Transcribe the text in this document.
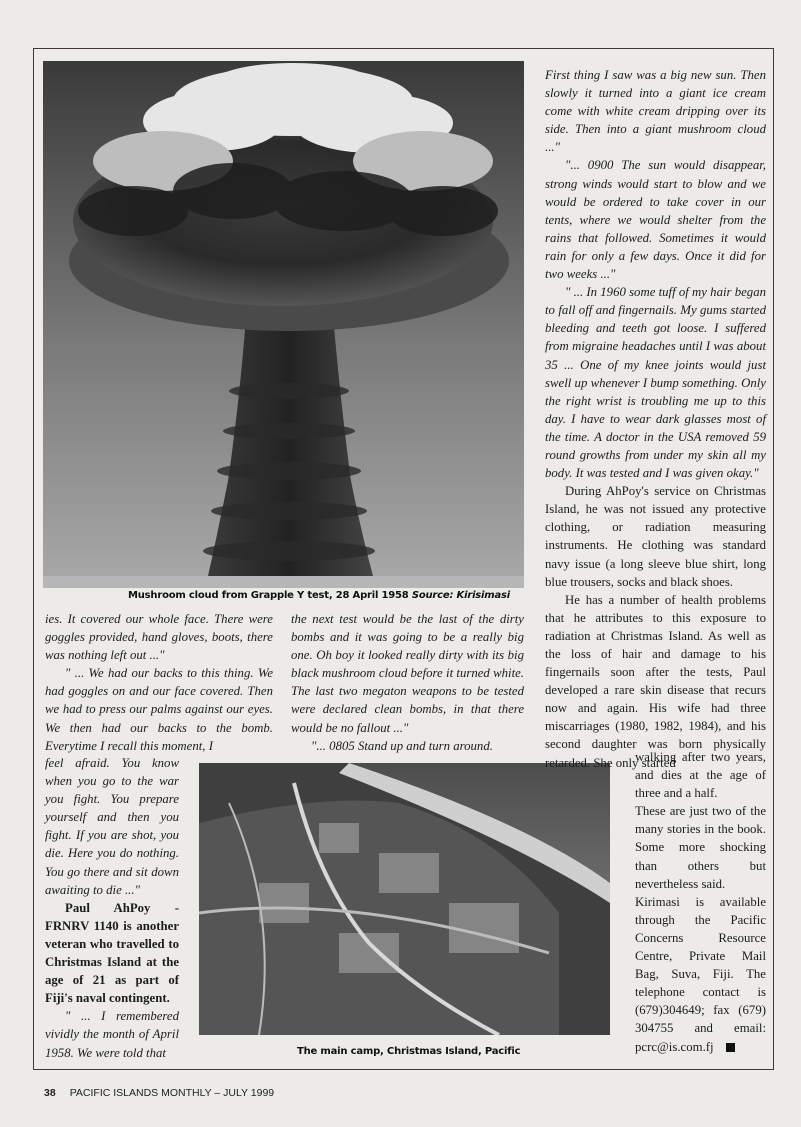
Mushroom cloud from Grapple Y test, 28 April 1958 Source: Kirisimasi
The main camp, Christmas Island, Pacific

ies. It covered our whole face. There were goggles provided, hand gloves, boots, there was nothing left out ..."

" ... We had our backs to this thing. We had goggles on and our face covered. Then we had to press our palms against our eyes. We then had our backs to the bomb. Everytime I recall this moment, I

feel afraid. You know when you go to the war you fight. You prepare yourself and then you fight. If you are shot, you die. Here you do nothing. You go there and sit down awaiting to die ..."

Paul AhPoy - FRNRV 1140 is another veteran who travelled to Christmas Island at the age of 21 as part of Fiji's naval contingent.

" ... I remembered vividly the month of April 1958. We were told that

the next test would be the last of the dirty bombs and it was going to be a really big one. Oh boy it looked really dirty with its big black mushroom cloud before it turned white. The last two megaton weapons to be tested were declared clean bombs, in that there would be no fallout ..."

"... 0805 Stand up and turn around.

First thing I saw was a big new sun. Then slowly it turned into a giant ice cream come with white cream dripping over its side. Then into a giant mushroom cloud ..."

"... 0900 The sun would disappear, strong winds would start to blow and we would be ordered to take cover in our tents, where we would shelter from the rains that followed. Sometimes it would rain for only a few days. Once it did for two weeks ..."

" ... In 1960 some tuff of my hair began to fall off and fingernails. My gums started bleeding and teeth got loose. I suffered from migraine headaches until I was about 35 ... One of my knee joints would just swell up whenever I bump something. Only the right wrist is troubling me up to this day. I have to wear dark glasses most of the time. A doctor in the USA removed 59 round growths from under my skin all my body. It was tested and I was given okay."

During AhPoy's service on Christmas Island, he was not issued any protective clothing, or radiation measuring instruments. He clothing was standard navy issue (a long sleeve blue shirt, long blue trousers, socks and black shoes.

He has a number of health problems that he attributes to this exposure to radiation at Christmas Island. As well as the loss of hair and damage to his fingernails soon after the tests, Paul developed a rare skin disease that recurs now and again. His wife had three miscarriages (1980, 1982, 1984), and his second daughter was born physically retarded. She only started

walking after two years, and dies at the age of three and a half.

These are just two of the many stories in the book. Some more shocking than others but nevertheless said.

Kirimasi is available through the Pacific Concerns Resource Centre, Private Mail Bag, Suva, Fiji. The telephone contact is (679)304649; fax (679) 304755 and email: pcrc@is.com.fj

38 PACIFIC ISLANDS MONTHLY – JULY 1999
